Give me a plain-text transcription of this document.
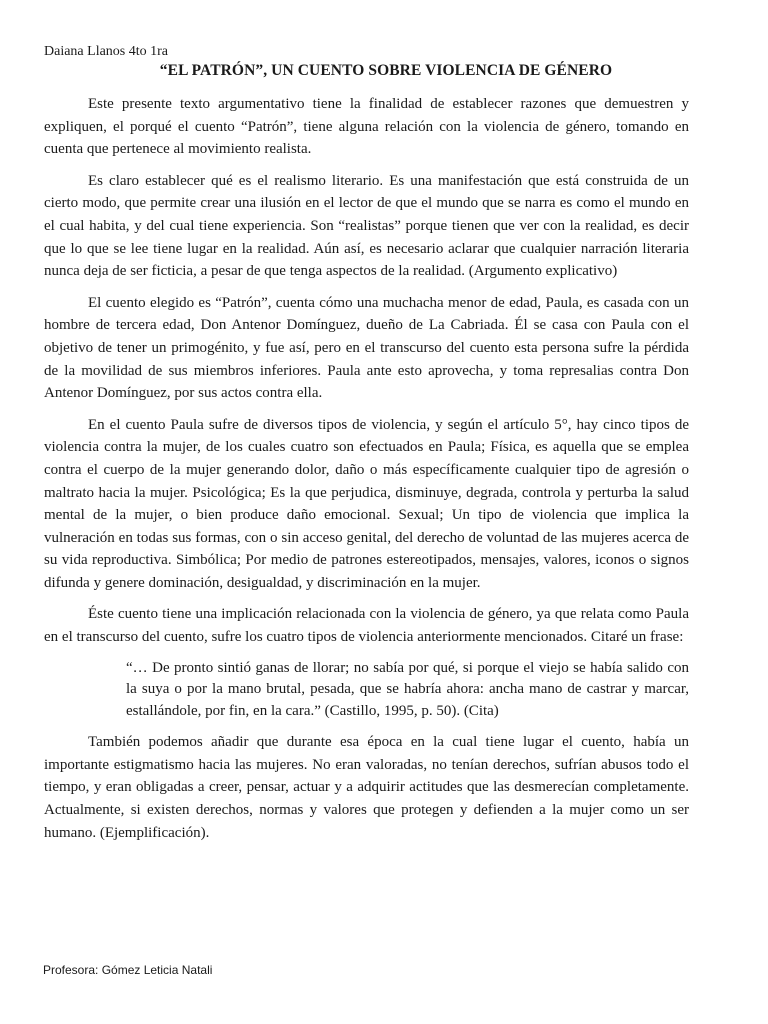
Daiana Llanos 4to 1ra
“EL PATRÓN”, UN CUENTO SOBRE VIOLENCIA DE GÉNERO

Este presente texto argumentativo tiene la finalidad de establecer razones que demuestren y expliquen, el porqué el cuento “Patrón”, tiene alguna relación con la violencia de género, tomando en cuenta que pertenece al movimiento realista.

Es claro establecer qué es el realismo literario. Es una manifestación que está construida de un cierto modo, que permite crear una ilusión en el lector de que el mundo que se narra es como el mundo en el cual habita, y del cual tiene experiencia. Son “realistas” porque tienen que ver con la realidad, es decir que lo que se lee tiene lugar en la realidad. Aún así, es necesario aclarar que cualquier narración literaria nunca deja de ser ficticia, a pesar de que tenga aspectos de la realidad. (Argumento explicativo)

El cuento elegido es “Patrón”, cuenta cómo una muchacha menor de edad, Paula, es casada con un hombre de tercera edad, Don Antenor Domínguez, dueño de La Cabriada. Él se casa con Paula con el objetivo de tener un primogénito, y fue así, pero en el transcurso del cuento esta persona sufre la pérdida de la movilidad de sus miembros inferiores. Paula ante esto aprovecha, y toma represalias contra Don Antenor Domínguez, por sus actos contra ella.

En el cuento Paula sufre de diversos tipos de violencia, y según el artículo 5°, hay cinco tipos de violencia contra la mujer, de los cuales cuatro son efectuados en Paula; Física, es aquella que se emplea contra el cuerpo de la mujer generando dolor, daño o más específicamente cualquier tipo de agresión o maltrato hacia la mujer. Psicológica; Es la que perjudica, disminuye, degrada, controla y perturba la salud mental de la mujer, o bien produce daño emocional. Sexual; Un tipo de violencia que implica la vulneración en todas sus formas, con o sin acceso genital, del derecho de voluntad de las mujeres acerca de su vida reproductiva. Simbólica; Por medio de patrones estereotipados, mensajes, valores, iconos o signos difunda y genere dominación, desigualdad, y discriminación en la mujer.

Éste cuento tiene una implicación relacionada con la violencia de género, ya que relata como Paula en el transcurso del cuento, sufre los cuatro tipos de violencia anteriormente mencionados. Citaré un frase:

“… De pronto sintió ganas de llorar; no sabía por qué, si porque el viejo se había salido con la suya o por la mano brutal, pesada, que se habría ahora: ancha mano de castrar y marcar, estallándole, por fin, en la cara.” (Castillo, 1995, p. 50). (Cita)

También podemos añadir que durante esa época en la cual tiene lugar el cuento, había un importante estigmatismo hacia las mujeres. No eran valoradas, no tenían derechos, sufrían abusos todo el tiempo, y eran obligadas a creer, pensar, actuar y a adquirir actitudes que las desmerecían completamente. Actualmente, si existen derechos, normas y valores que protegen y defienden a la mujer como un ser humano. (Ejemplificación).

Profesora: Gómez Leticia Natali
